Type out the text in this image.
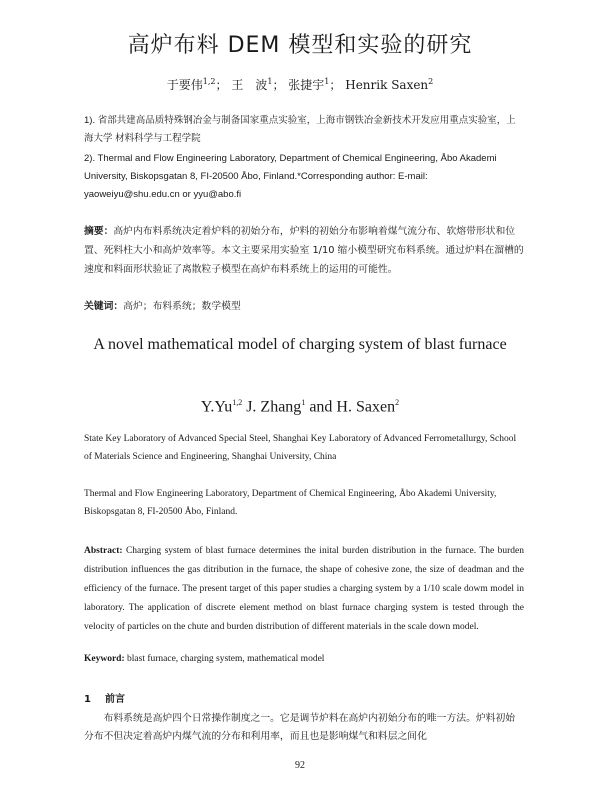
高炉布料 DEM 模型和实验的研究
于要伟$^{1,2}$； 王　波$^1$； 张捷宇$^1$； Henrik Saxen$^2$
1). 省部共建高品质特殊钢冶金与制备国家重点实验室，上海市钢铁冶金新技术开发应用重点实验室，上海大学 材料科学与工程学院
2). Thermal and Flow Engineering Laboratory, Department of Chemical Engineering, Åbo Akademi University, Biskopsgatan 8, FI-20500 Åbo, Finland.*Corresponding author: E-mail: yaoweiyu@shu.edu.cn or yyu@abo.fi
摘要：高炉内布料系统决定着炉料的初始分布，炉料的初始分布影响着煤气流分布、软熔带形状和位置、死料柱大小和高炉效率等。本文主要采用实验室 1/10 缩小模型研究布料系统。通过炉料在溜槽的速度和料面形状验证了离散粒子模型在高炉布料系统上的运用的可能性。
关键词：高炉；布料系统；数学模型
A novel mathematical model of charging system of blast furnace
Y.Yu$^{1,2}$ J. Zhang$^1$ and H. Saxen$^2$
State Key Laboratory of Advanced Special Steel, Shanghai Key Laboratory of Advanced Ferrometallurgy, School of Materials Science and Engineering, Shanghai University, China
Thermal and Flow Engineering Laboratory, Department of Chemical Engineering, Åbo Akademi University, Biskopsgatan 8, FI-20500 Åbo, Finland.
Abstract: Charging system of blast furnace determines the inital burden distribution in the furnace. The burden distribution influences the gas ditribution in the furnace, the shape of cohesive zone, the size of deadman and the efficiency of the furnace. The present target of this paper studies a charging system by a 1/10 scale dowm model in laboratory. The application of discrete element method on blast furnace charging system is tested through the velocity of particles on the chute and burden distribution of different materials in the scale down model.
Keyword: blast furnace, charging system, mathematical model
1 前言
布料系统是高炉四个日常操作制度之一。它是调节炉料在高炉内初始分布的唯一方法。炉料初始分布不但决定着高炉内煤气流的分布和利用率，而且也是影响煤气和料层之间化
92
